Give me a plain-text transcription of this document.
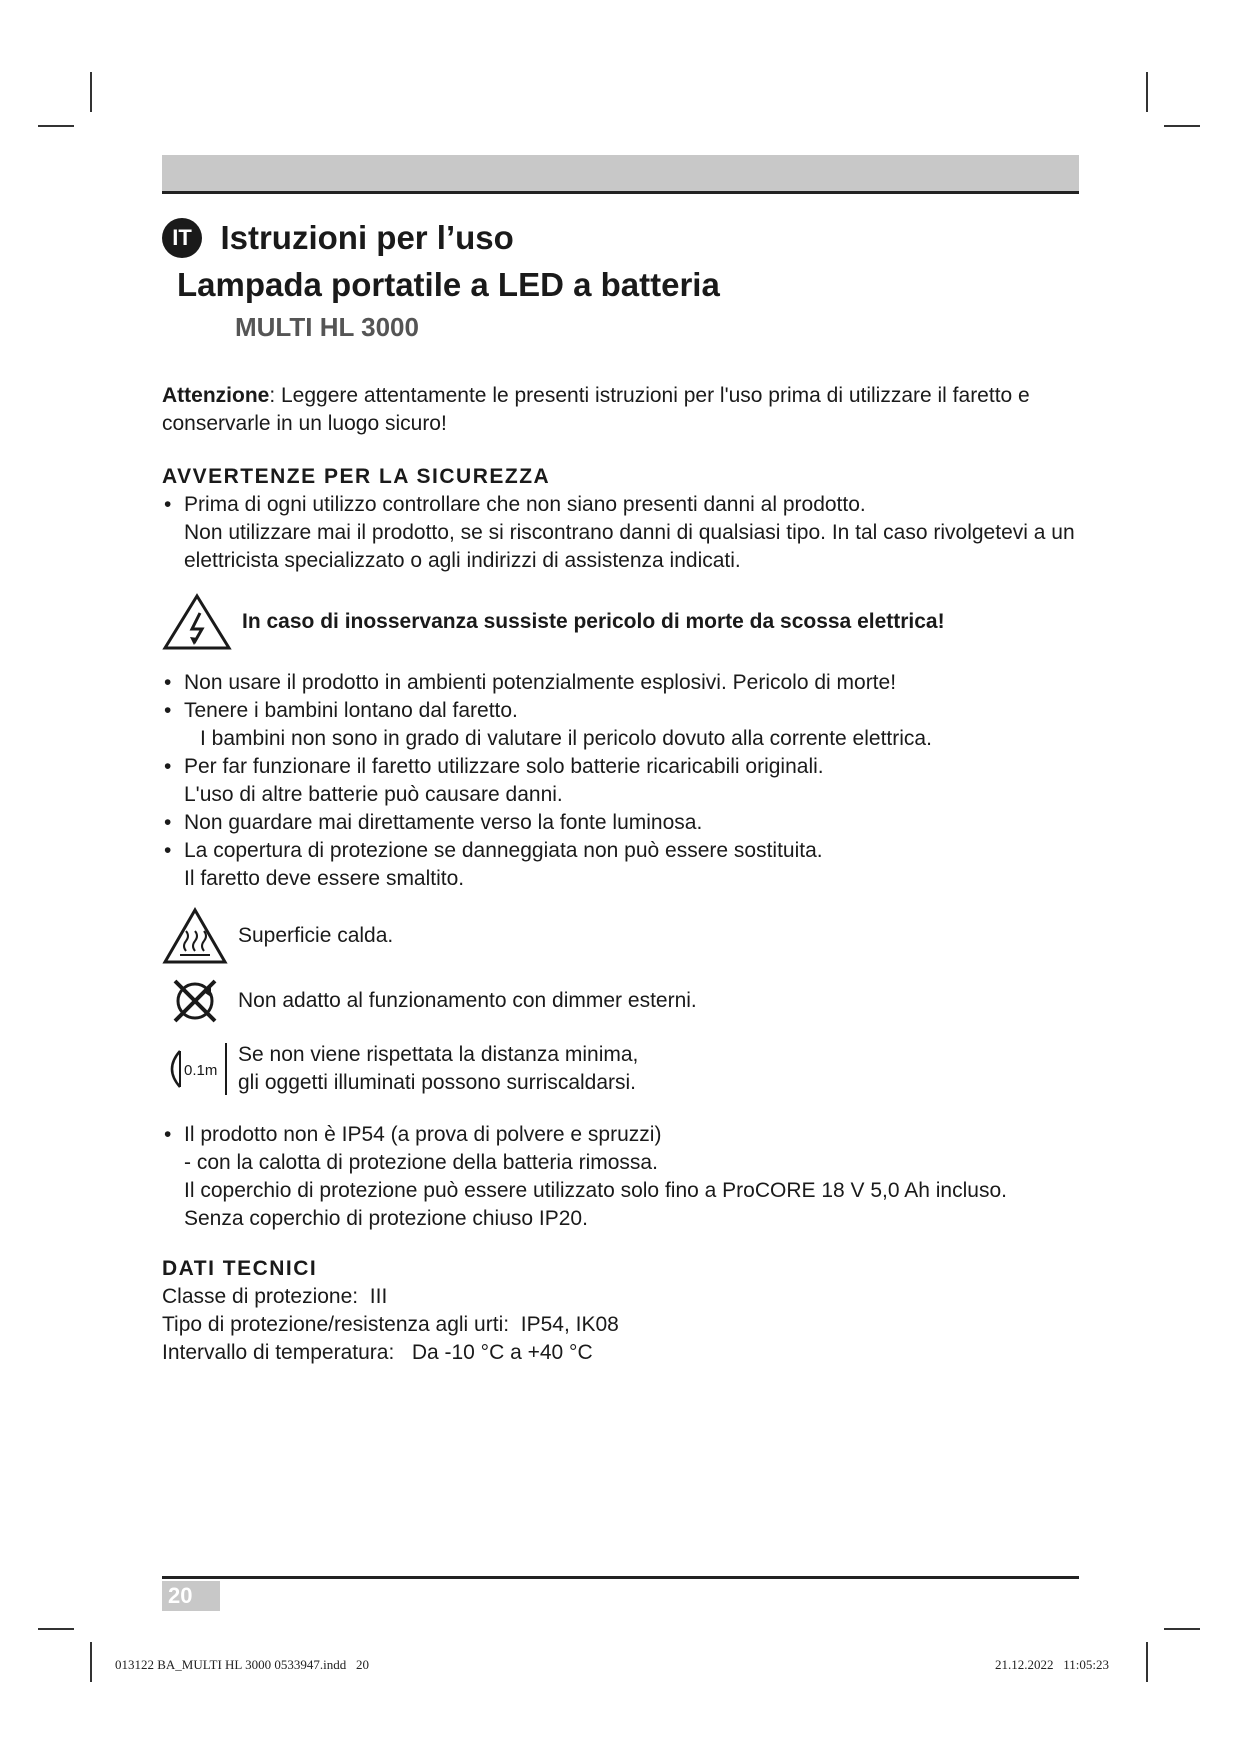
IT Istruzioni per l’uso
Lampada portatile a LED a batteria
MULTI HL 3000

Attenzione: Leggere attentamente le presenti istruzioni per l'uso prima di utilizzare il faretto e conservarle in un luogo sicuro!

AVVERTENZE PER LA SICUREZZA
• Prima di ogni utilizzo controllare che non siano presenti danni al prodotto.
Non utilizzare mai il prodotto, se si riscontrano danni di qualsiasi tipo. In tal caso rivolgetevi a un elettricista specializzato o agli indirizzi di assistenza indicati.
In caso di inosservanza sussiste pericolo di morte da scossa elettrica!
• Non usare il prodotto in ambienti potenzialmente esplosivi. Pericolo di morte!
• Tenere i bambini lontano dal faretto.
I bambini non sono in grado di valutare il pericolo dovuto alla corrente elettrica.
• Per far funzionare il faretto utilizzare solo batterie ricaricabili originali.
L'uso di altre batterie può causare danni.
• Non guardare mai direttamente verso la fonte luminosa.
• La copertura di protezione se danneggiata non può essere sostituita.
Il faretto deve essere smaltito.
Superficie calda.
Non adatto al funzionamento con dimmer esterni.
0.1m
Se non viene rispettata la distanza minima,
gli oggetti illuminati possono surriscaldarsi.
• Il prodotto non è IP54 (a prova di polvere e spruzzi)
- con la calotta di protezione della batteria rimossa.
Il coperchio di protezione può essere utilizzato solo fino a ProCORE 18 V 5,0 Ah incluso.
Senza coperchio di protezione chiuso IP20.
DATI TECNICI
Classe di protezione: III
Tipo di protezione/resistenza agli urti: IP54, IK08
Intervallo di temperatura: Da -10 °C a +40 °C
20
013122 BA_MULTI HL 3000 0533947.indd   20	21.12.2022   11:05:23
